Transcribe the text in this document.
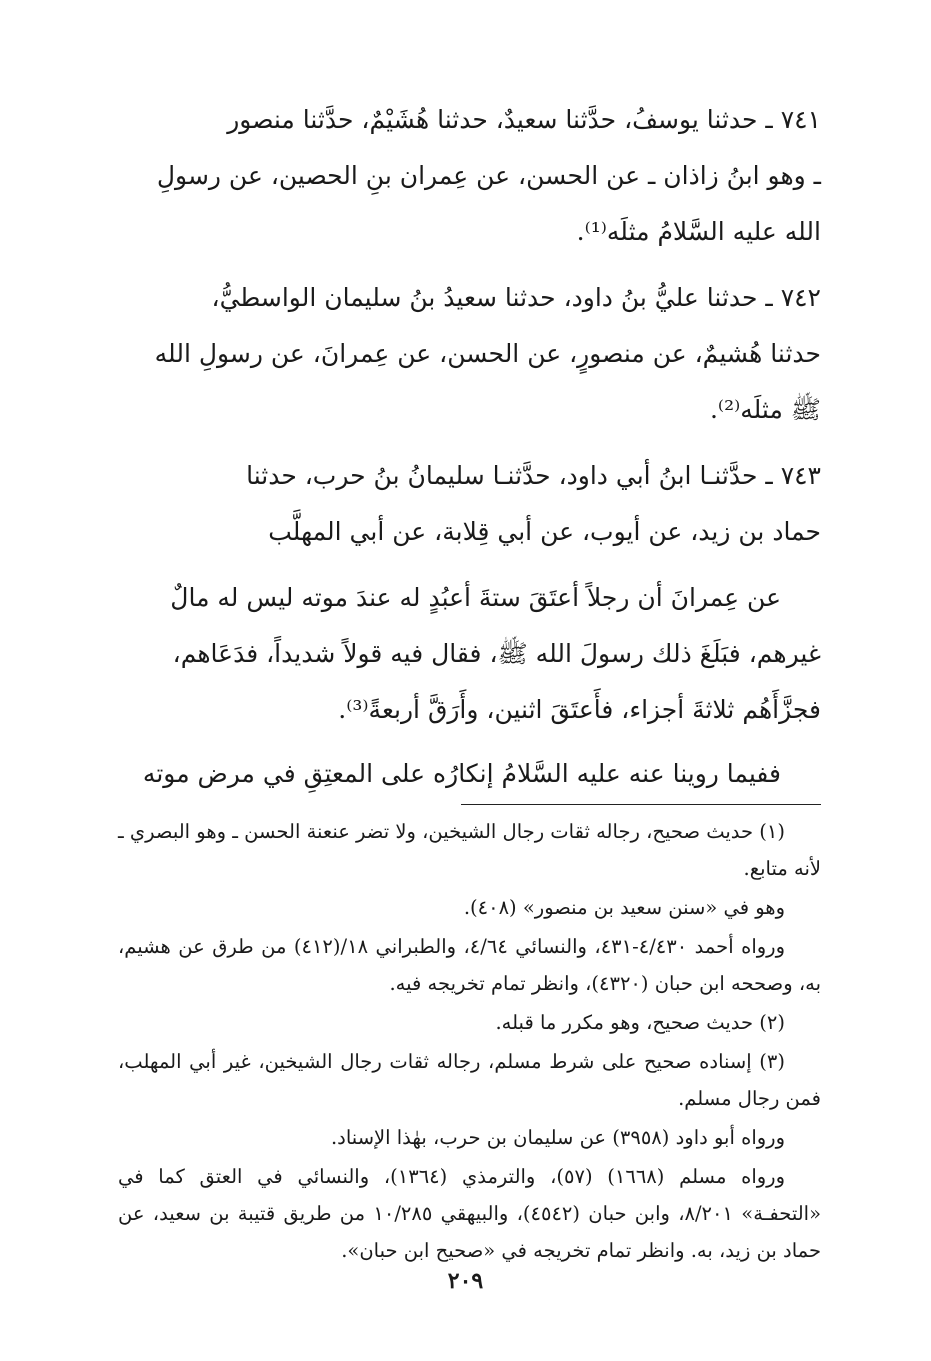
٧٤١ ـ حدثنا يوسفُ، حدَّثنا سعيدٌ، حدثنا هُشَيْمٌ، حدَّثنا منصور

ـ وهو ابنُ زاذان ـ عن الحسن، عن عِمران بنِ الحصين، عن رسولِ

الله عليه السَّلامُ مثلَه⁽¹⁾.

٧٤٢ ـ حدثنا عليُّ بنُ داود، حدثنا سعيدُ بنُ سليمان الواسطيُّ،

حدثنا هُشيمٌ، عن منصورٍ، عن الحسن، عن عِمرانَ، عن رسولِ الله

ﷺ مثلَه⁽²⁾.

٧٤٣ ـ حدَّثنـا ابنُ أبي داود، حدَّثنـا سليمانُ بنُ حرب، حدثنا

حماد بن زيد، عن أيوب، عن أبي قِلابة، عن أبي المهلَّب

عن عِمرانَ أن رجلاً أعتَقَ ستةَ أعبُدٍ له عندَ موته ليس له مالٌ

غيرهم، فبَلَغَ ذلك رسولَ الله ﷺ، فقال فيه قولاً شديداً، فدَعَاهم،

فجزَّأَهُم ثلاثةَ أجزاء، فأَعتَقَ اثنين، وأَرَقَّ أربعةً⁽³⁾.

ففيما روينا عنه عليه السَّلامُ إنكارُه على المعتِقِ في مرض موته

(١) حديث صحيح، رجاله ثقات رجال الشيخين، ولا تضر عنعنة الحسن ـ وهو البصري ـ لأنه متابع.

وهو في «سنن سعيد بن منصور» (٤٠٨).

ورواه أحمد ٤/٤٣٠-٤٣١، والنسائي ٤/٦٤، والطبراني ١٨/(٤١٢) من طرق عن هشيم، به، وصححه ابن حبان (٤٣٢٠)، وانظر تمام تخريجه فيه.

(٢) حديث صحيح، وهو مكرر ما قبله.

(٣) إسناده صحيح على شرط مسلم، رجاله ثقات رجال الشيخين، غير أبي المهلب، فمن رجال مسلم.

ورواه أبو داود (٣٩٥٨) عن سليمان بن حرب، بهٰذا الإسناد.

ورواه مسلم (١٦٦٨) (٥٧)، والترمذي (١٣٦٤)، والنسائي في العتق كما في «التحفـة» ٨/٢٠١، وابن حبان (٤٥٤٢)، والبيهقي ١٠/٢٨٥ من طريق قتيبة بن سعيد، عن حماد بن زيد، به. وانظر تمام تخريجه في «صحيح ابن حبان».

٢٠٩
